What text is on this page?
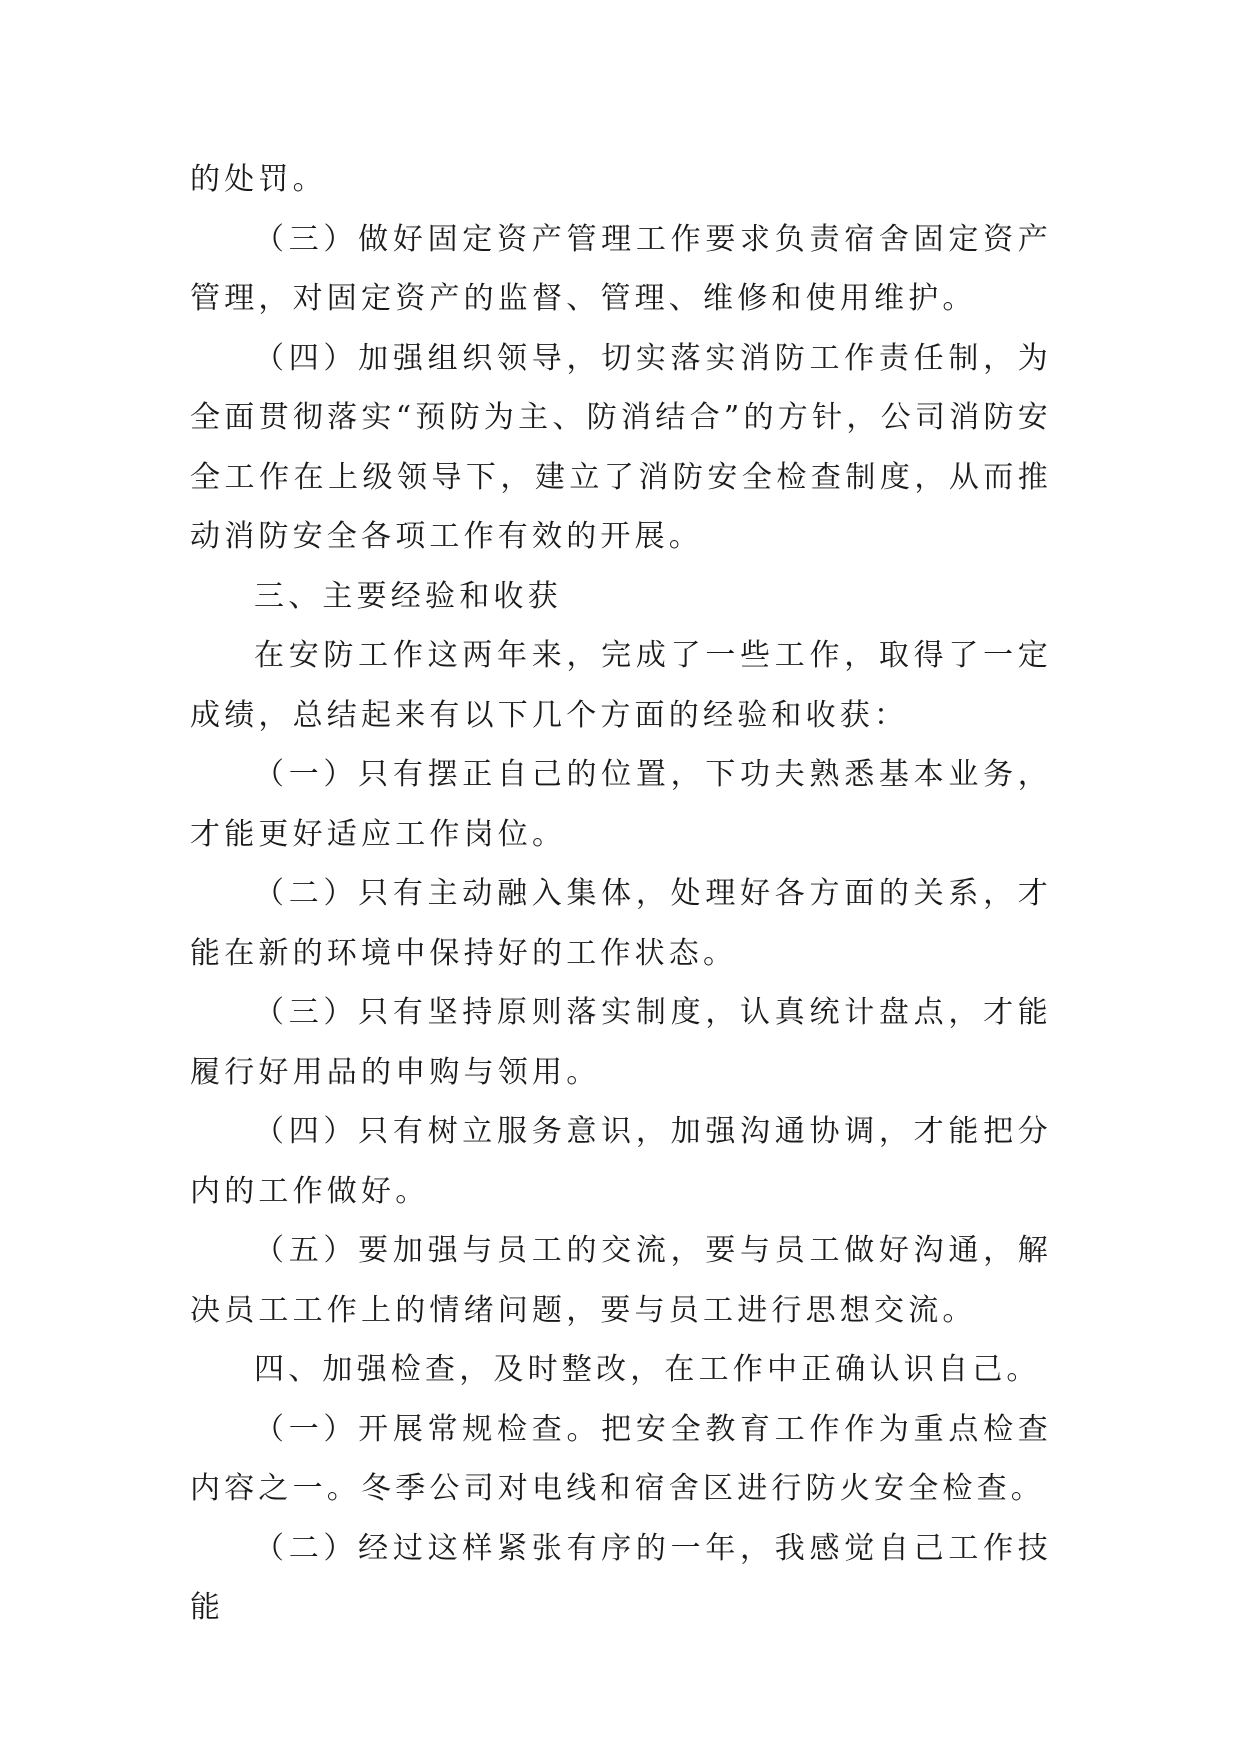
的处罚。

（三）做好固定资产管理工作要求负责宿舍固定资产管理，对固定资产的监督、管理、维修和使用维护。

（四）加强组织领导，切实落实消防工作责任制，为全面贯彻落实“预防为主、防消结合”的方针，公司消防安全工作在上级领导下，建立了消防安全检查制度，从而推动消防安全各项工作有效的开展。

三、主要经验和收获

在安防工作这两年来，完成了一些工作，取得了一定成绩，总结起来有以下几个方面的经验和收获：

（一）只有摆正自己的位置，下功夫熟悉基本业务，才能更好适应工作岗位。

（二）只有主动融入集体，处理好各方面的关系，才能在新的环境中保持好的工作状态。

（三）只有坚持原则落实制度，认真统计盘点，才能履行好用品的申购与领用。

（四）只有树立服务意识，加强沟通协调，才能把分内的工作做好。

（五）要加强与员工的交流，要与员工做好沟通，解决员工工作上的情绪问题，要与员工进行思想交流。

四、加强检查，及时整改，在工作中正确认识自己。

（一）开展常规检查。把安全教育工作作为重点检查内容之一。冬季公司对电线和宿舍区进行防火安全检查。

（二）经过这样紧张有序的一年，我感觉自己工作技能
